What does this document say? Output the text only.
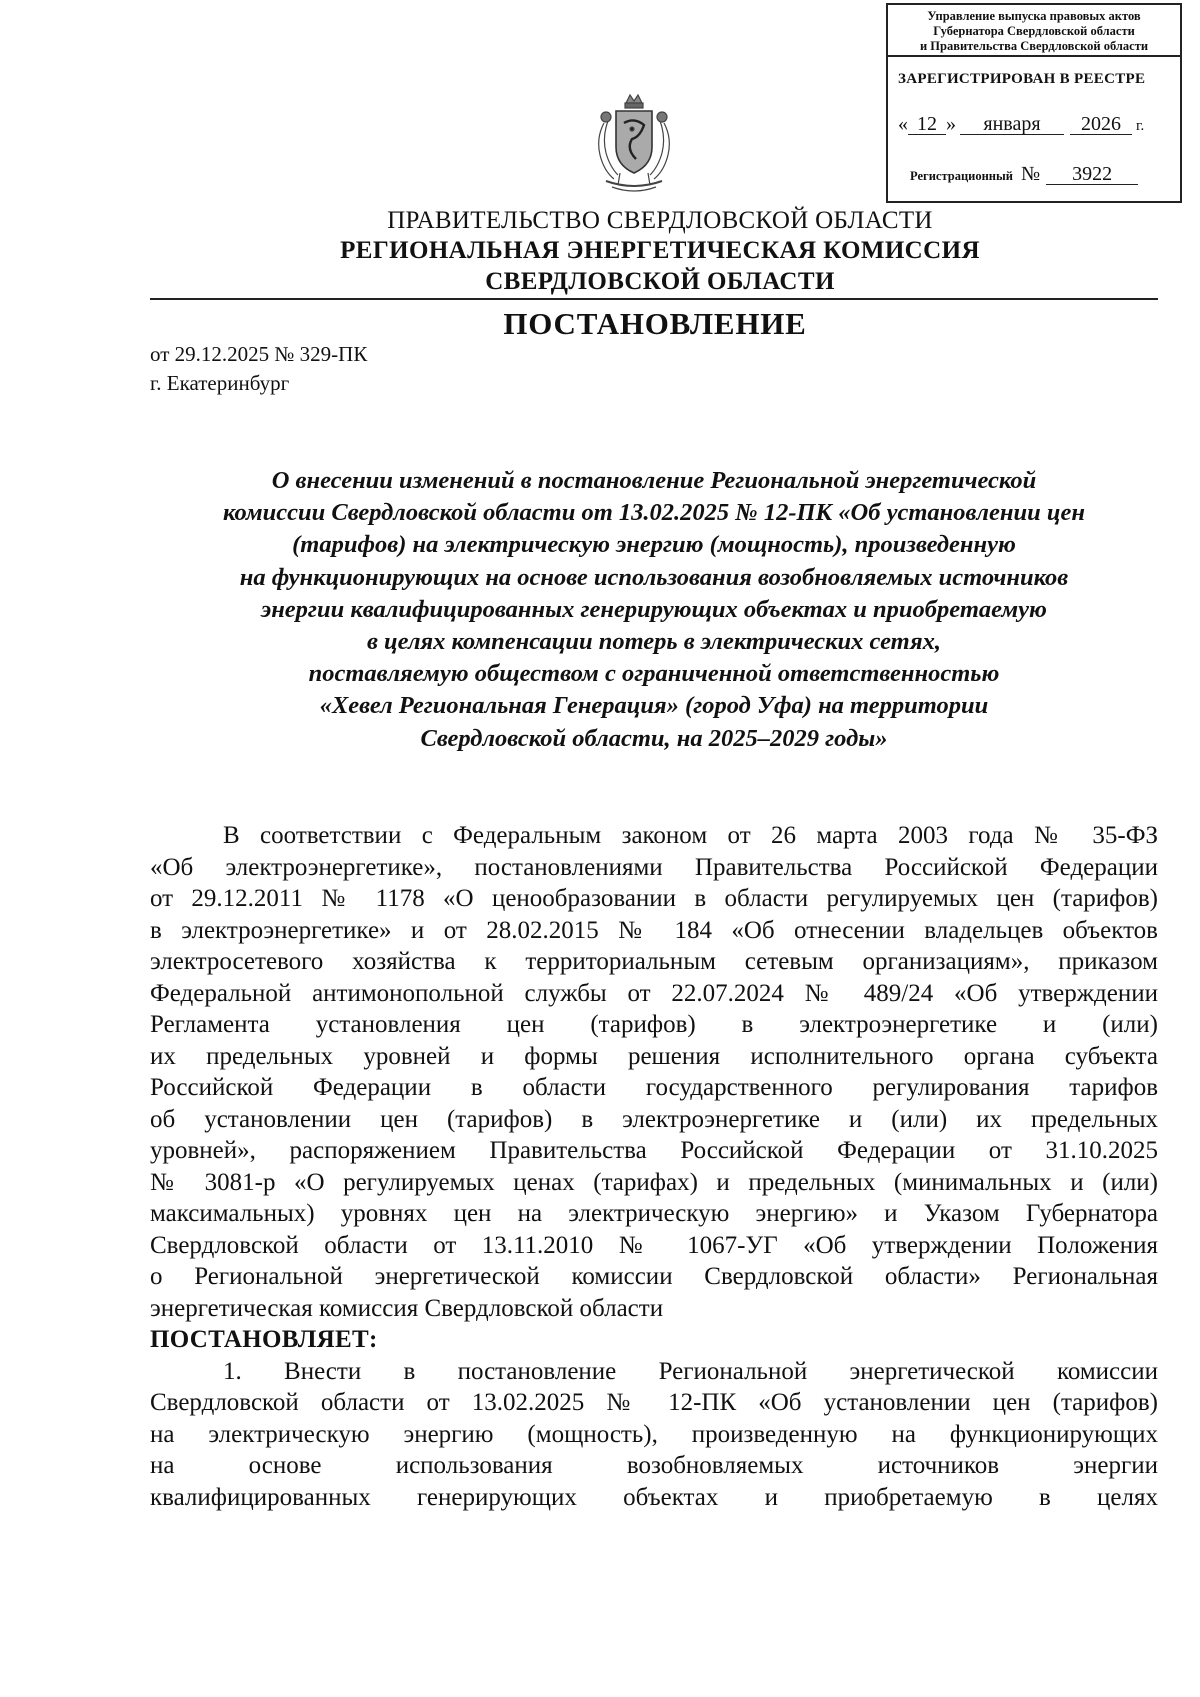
Управление выпуска правовых актов
Губернатора Свердловской области
и Правительства Свердловской области
ЗАРЕГИСТРИРОВАН В РЕЕСТРЕ
« 12 » января 2026 г.
Регистрационный № 3922
ПРАВИТЕЛЬСТВО СВЕРДЛОВСКОЙ ОБЛАСТИ
РЕГИОНАЛЬНАЯ ЭНЕРГЕТИЧЕСКАЯ КОМИССИЯ
СВЕРДЛОВСКОЙ ОБЛАСТИ
ПОСТАНОВЛЕНИЕ
от 29.12.2025 № 329-ПК
г. Екатеринбург
О внесении изменений в постановление Региональной энергетической
комиссии Свердловской области от 13.02.2025 № 12-ПК «Об установлении цен
(тарифов) на электрическую энергию (мощность), произведенную
на функционирующих на основе использования возобновляемых источников
энергии квалифицированных генерирующих объектах и приобретаемую
в целях компенсации потерь в электрических сетях,
поставляемую обществом с ограниченной ответственностью
«Хевел Региональная Генерация» (город Уфа) на территории
Свердловской области, на 2025–2029 годы»
В соответствии с Федеральным законом от 26 марта 2003 года № 35-ФЗ
«Об электроэнергетике», постановлениями Правительства Российской Федерации
от 29.12.2011 № 1178 «О ценообразовании в области регулируемых цен (тарифов)
в электроэнергетике» и от 28.02.2015 № 184 «Об отнесении владельцев объектов
электросетевого хозяйства к территориальным сетевым организациям», приказом
Федеральной антимонопольной службы от 22.07.2024 № 489/24 «Об утверждении
Регламента установления цен (тарифов) в электроэнергетике и (или)
их предельных уровней и формы решения исполнительного органа субъекта
Российской Федерации в области государственного регулирования тарифов
об установлении цен (тарифов) в электроэнергетике и (или) их предельных
уровней», распоряжением Правительства Российской Федерации от 31.10.2025
№ 3081-р «О регулируемых ценах (тарифах) и предельных (минимальных и (или)
максимальных) уровнях цен на электрическую энергию» и Указом Губернатора
Свердловской области от 13.11.2010 № 1067-УГ «Об утверждении Положения
о Региональной энергетической комиссии Свердловской области» Региональная
энергетическая комиссия Свердловской области
ПОСТАНОВЛЯЕТ:
1. Внести в постановление Региональной энергетической комиссии
Свердловской области от 13.02.2025 № 12-ПК «Об установлении цен (тарифов)
на электрическую энергию (мощность), произведенную на функционирующих
на основе использования возобновляемых источников энергии
квалифицированных генерирующих объектах и приобретаемую в целях
